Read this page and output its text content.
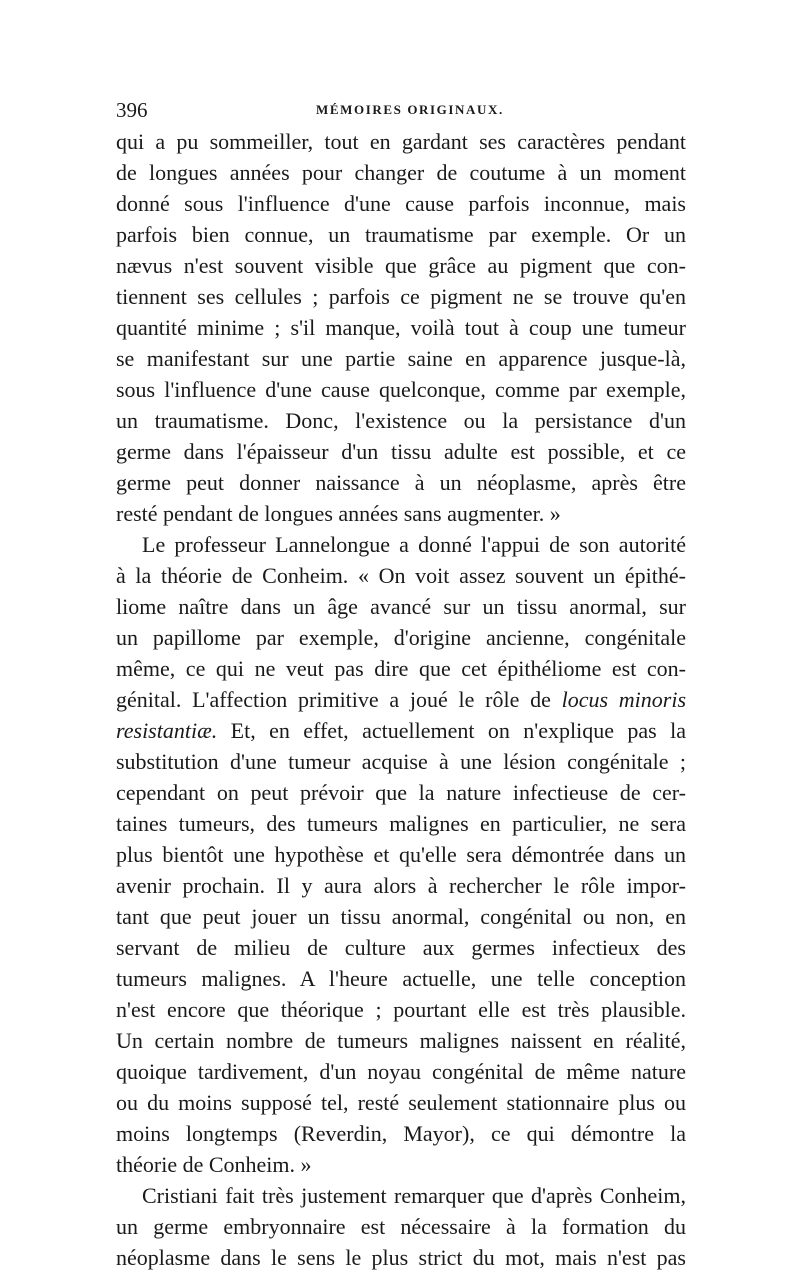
396	MÉMOIRES ORIGINAUX.
qui a pu sommeiller, tout en gardant ses caractères pendant
de longues années pour changer de coutume à un moment
donné sous l'influence d'une cause parfois inconnue, mais
parfois bien connue, un traumatisme par exemple. Or un
nævus n'est souvent visible que grâce au pigment que con-
tiennent ses cellules ; parfois ce pigment ne se trouve qu'en
quantité minime ; s'il manque, voilà tout à coup une tumeur
se manifestant sur une partie saine en apparence jusque-là,
sous l'influence d'une cause quelconque, comme par exemple,
un traumatisme. Donc, l'existence ou la persistance d'un
germe dans l'épaisseur d'un tissu adulte est possible, et ce
germe peut donner naissance à un néoplasme, après être
resté pendant de longues années sans augmenter. »
Le professeur Lannelongue a donné l'appui de son autorité
à la théorie de Conheim. « On voit assez souvent un épithé-
liome naître dans un âge avancé sur un tissu anormal, sur
un papillome par exemple, d'origine ancienne, congénitale
même, ce qui ne veut pas dire que cet épithéliome est con-
génital. L'affection primitive a joué le rôle de locus minoris
resistantiæ. Et, en effet, actuellement on n'explique pas la
substitution d'une tumeur acquise à une lésion congénitale ;
cependant on peut prévoir que la nature infectieuse de cer-
taines tumeurs, des tumeurs malignes en particulier, ne sera
plus bientôt une hypothèse et qu'elle sera démontrée dans un
avenir prochain. Il y aura alors à rechercher le rôle impor-
tant que peut jouer un tissu anormal, congénital ou non, en
servant de milieu de culture aux germes infectieux des
tumeurs malignes. A l'heure actuelle, une telle conception
n'est encore que théorique ; pourtant elle est très plausible.
Un certain nombre de tumeurs malignes naissent en réalité,
quoique tardivement, d'un noyau congénital de même nature
ou du moins supposé tel, resté seulement stationnaire plus ou
moins longtemps (Reverdin, Mayor), ce qui démontre la
théorie de Conheim. »
Cristiani fait très justement remarquer que d'après Conheim,
un germe embryonnaire est nécessaire à la formation du
néoplasme dans le sens le plus strict du mot, mais n'est pas
